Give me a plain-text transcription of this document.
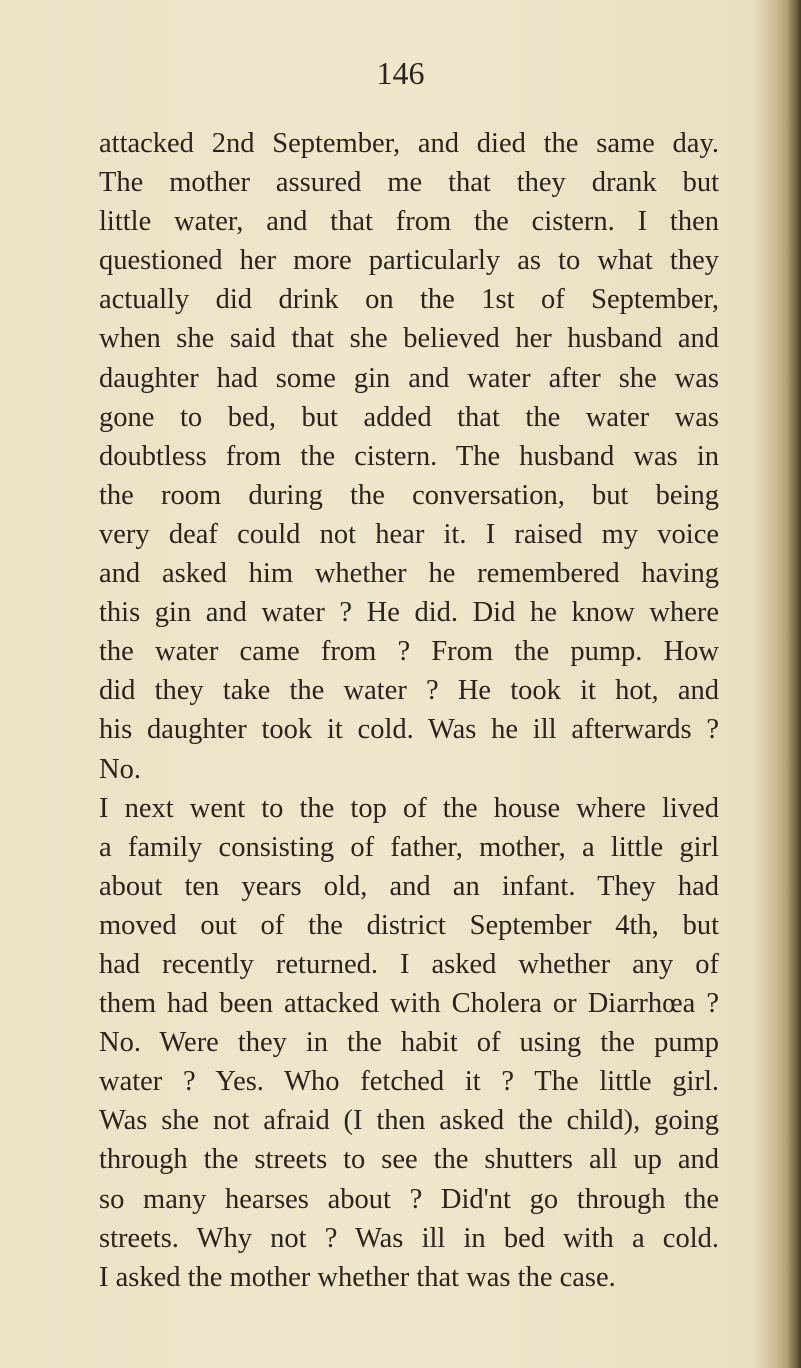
146

attacked 2nd September, and died the same day.
The mother assured me that they drank but
little water, and that from the cistern. I then
questioned her more particularly as to what they
actually did drink on the 1st of September,
when she said that she believed her husband and
daughter had some gin and water after she was
gone to bed, but added that the water was
doubtless from the cistern. The husband was in
the room during the conversation, but being
very deaf could not hear it. I raised my voice
and asked him whether he remembered having
this gin and water ? He did. Did he know where
the water came from ? From the pump. How
did they take the water ? He took it hot, and
his daughter took it cold. Was he ill afterwards ?
No.
I next went to the top of the house where lived
a family consisting of father, mother, a little girl
about ten years old, and an infant. They had
moved out of the district September 4th, but
had recently returned. I asked whether any of
them had been attacked with Cholera or Diarrhœa ?
No. Were they in the habit of using the pump
water ? Yes. Who fetched it ? The little girl.
Was she not afraid (I then asked the child), going
through the streets to see the shutters all up and
so many hearses about ? Did'nt go through the
streets. Why not ? Was ill in bed with a cold.
I asked the mother whether that was the case.
